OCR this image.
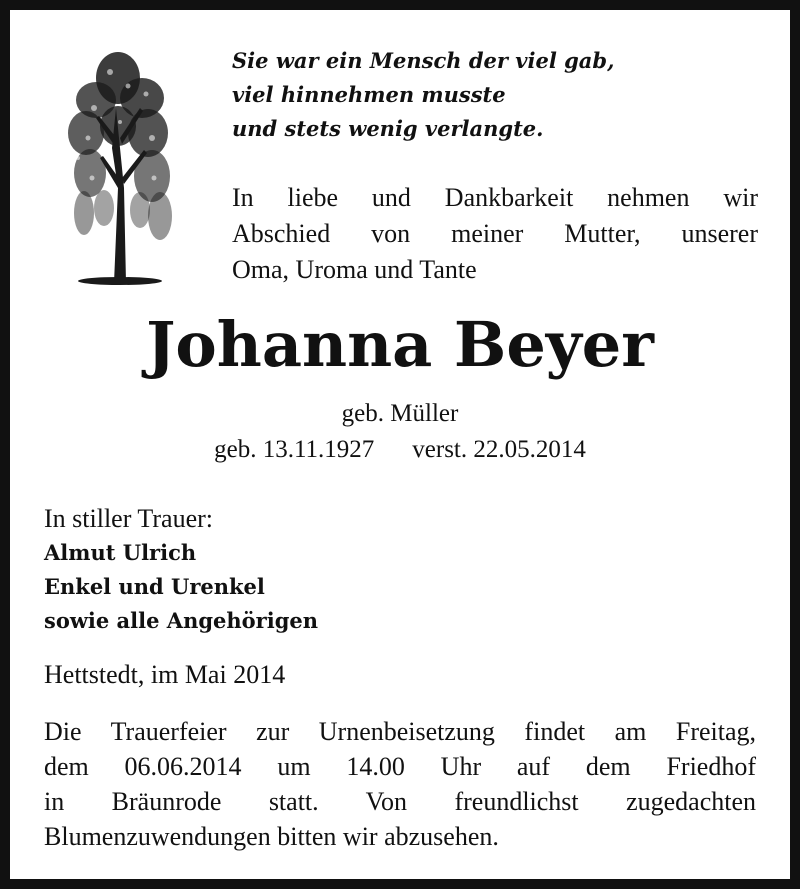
Sie war ein Mensch der viel gab,
viel hinnehmen musste
und stets wenig verlangte.
In liebe und Dankbarkeit nehmen wir
Abschied von meiner Mutter, unserer
Oma, Uroma und Tante
Johanna Beyer
geb. Müller
geb. 13.11.1927 verst. 22.05.2014
In stiller Trauer:
Almut Ulrich
Enkel und Urenkel
sowie alle Angehörigen
Hettstedt, im Mai 2014
Die Trauerfeier zur Urnenbeisetzung findet am Freitag,
dem 06.06.2014 um 14.00 Uhr auf dem Friedhof
in Bräunrode statt. Von freundlichst zugedachten
Blumenzuwendungen bitten wir abzusehen.
